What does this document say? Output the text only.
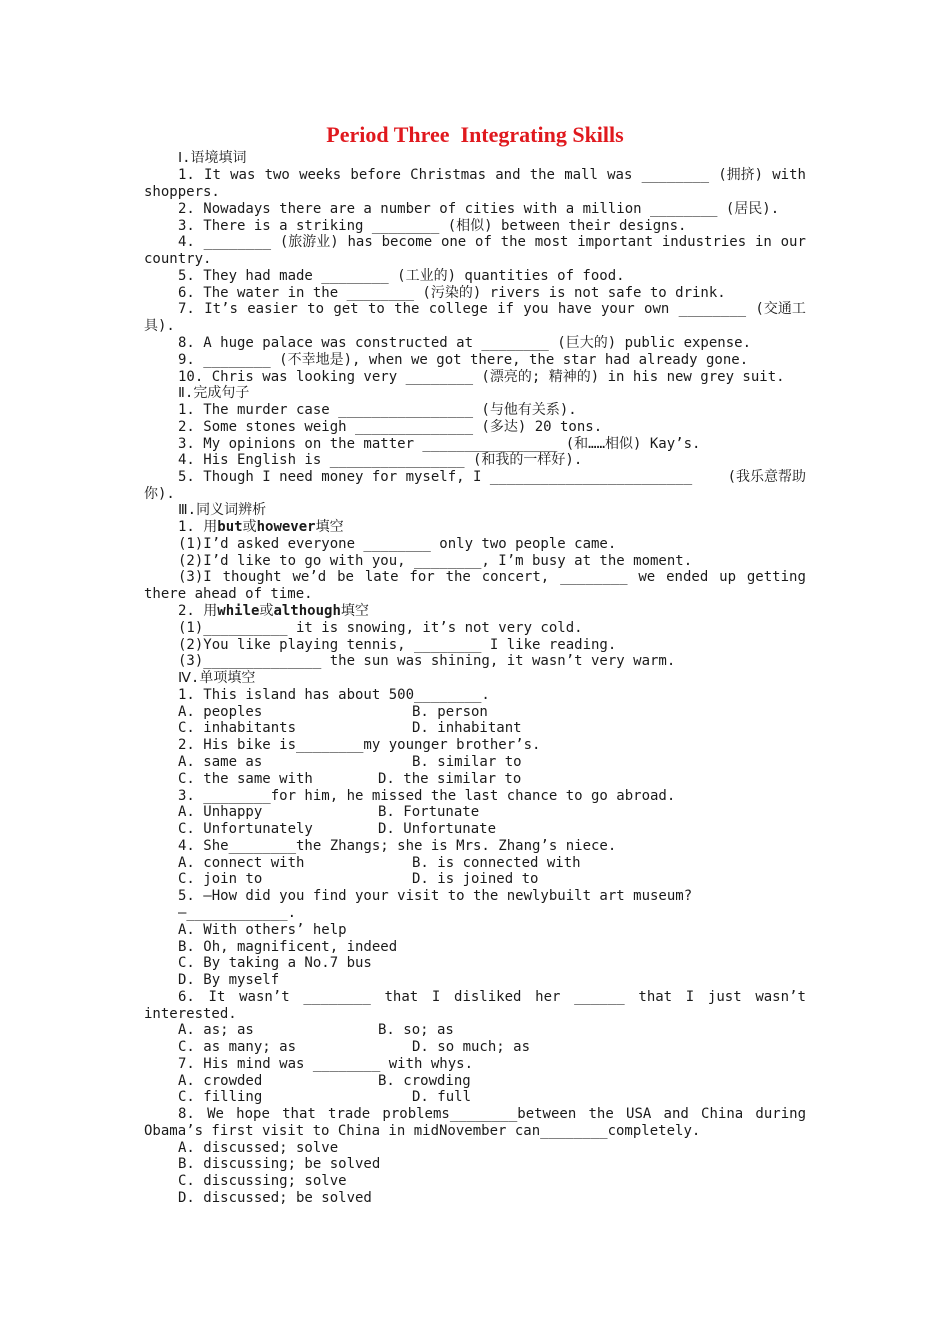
Period Three  Integrating Skills
Ⅰ.语境填词
1. It was two weeks before Christmas and the mall was ________ (拥挤) with
shoppers.
2. Nowadays there are a number of cities with a million ________ (居民).
3. There is a striking ________ (相似) between their designs.
4. ________ (旅游业) has become one of the most important industries in our
country.
5. They had made ________ (工业的) quantities of food.
6. The water in the ________ (污染的) rivers is not safe to drink.
7. It’s easier to get to the college if you have your own ________ (交通工
具).
8. A huge palace was constructed at ________ (巨大的) public expense.
9. ________ (不幸地是), when we got there, the star had already gone.
10. Chris was looking very ________ (漂亮的; 精神的) in his new grey suit.
Ⅱ.完成句子
1. The murder case ________________ (与他有关系).
2. Some stones weigh ______________ (多达) 20 tons.
3. My opinions on the matter ________________ (和……相似) Kay’s.
4. His English is ________________ (和我的一样好).
5. Though I need money for myself, I ________________________	(我乐意帮助
你).
Ⅲ.同义词辨析
1. 用but或however填空
(1)I’d asked everyone ________ only two people came.
(2)I’d like to go with you, ________, I’m busy at the moment.
(3)I thought we’d be late for the concert, ________ we ended up getting
there ahead of time.
2. 用while或although填空
(1)__________ it is snowing, it’s not very cold.
(2)You like playing tennis, ________ I like reading.
(3)______________ the sun was shining, it wasn’t very warm.
Ⅳ.单项填空
1. This island has about 500________.
A. peoples	B. person
C. inhabitants	D. inhabitant
2. His bike is________my younger brother’s.
A. same as	B. similar to
C. the same with	D. the similar to
3. ________for him, he missed the last chance to go abroad.
A. Unhappy	B. Fortunate
C. Unfortunately	D. Unfortunate
4. She________the Zhangs; she is Mrs. Zhang’s niece.
A. connect with	B. is connected with
C. join to	D. is joined to
5. —How did you find your visit to the newlybuilt art museum?
—____________.
A. With others’ help
B. Oh, magnificent, indeed
C. By taking a No.7 bus
D. By myself
6. It wasn’t ________ that I disliked her ______ that I just wasn’t
interested.
A. as; as	B. so; as
C. as many; as	D. so much; as
7. His mind was ________ with whys.
A. crowded	B. crowding
C. filling	D. full
8. We hope that trade problems________between the USA and China during
Obama’s first visit to China in midNovember can________completely.
A. discussed; solve
B. discussing; be solved
C. discussing; solve
D. discussed; be solved
